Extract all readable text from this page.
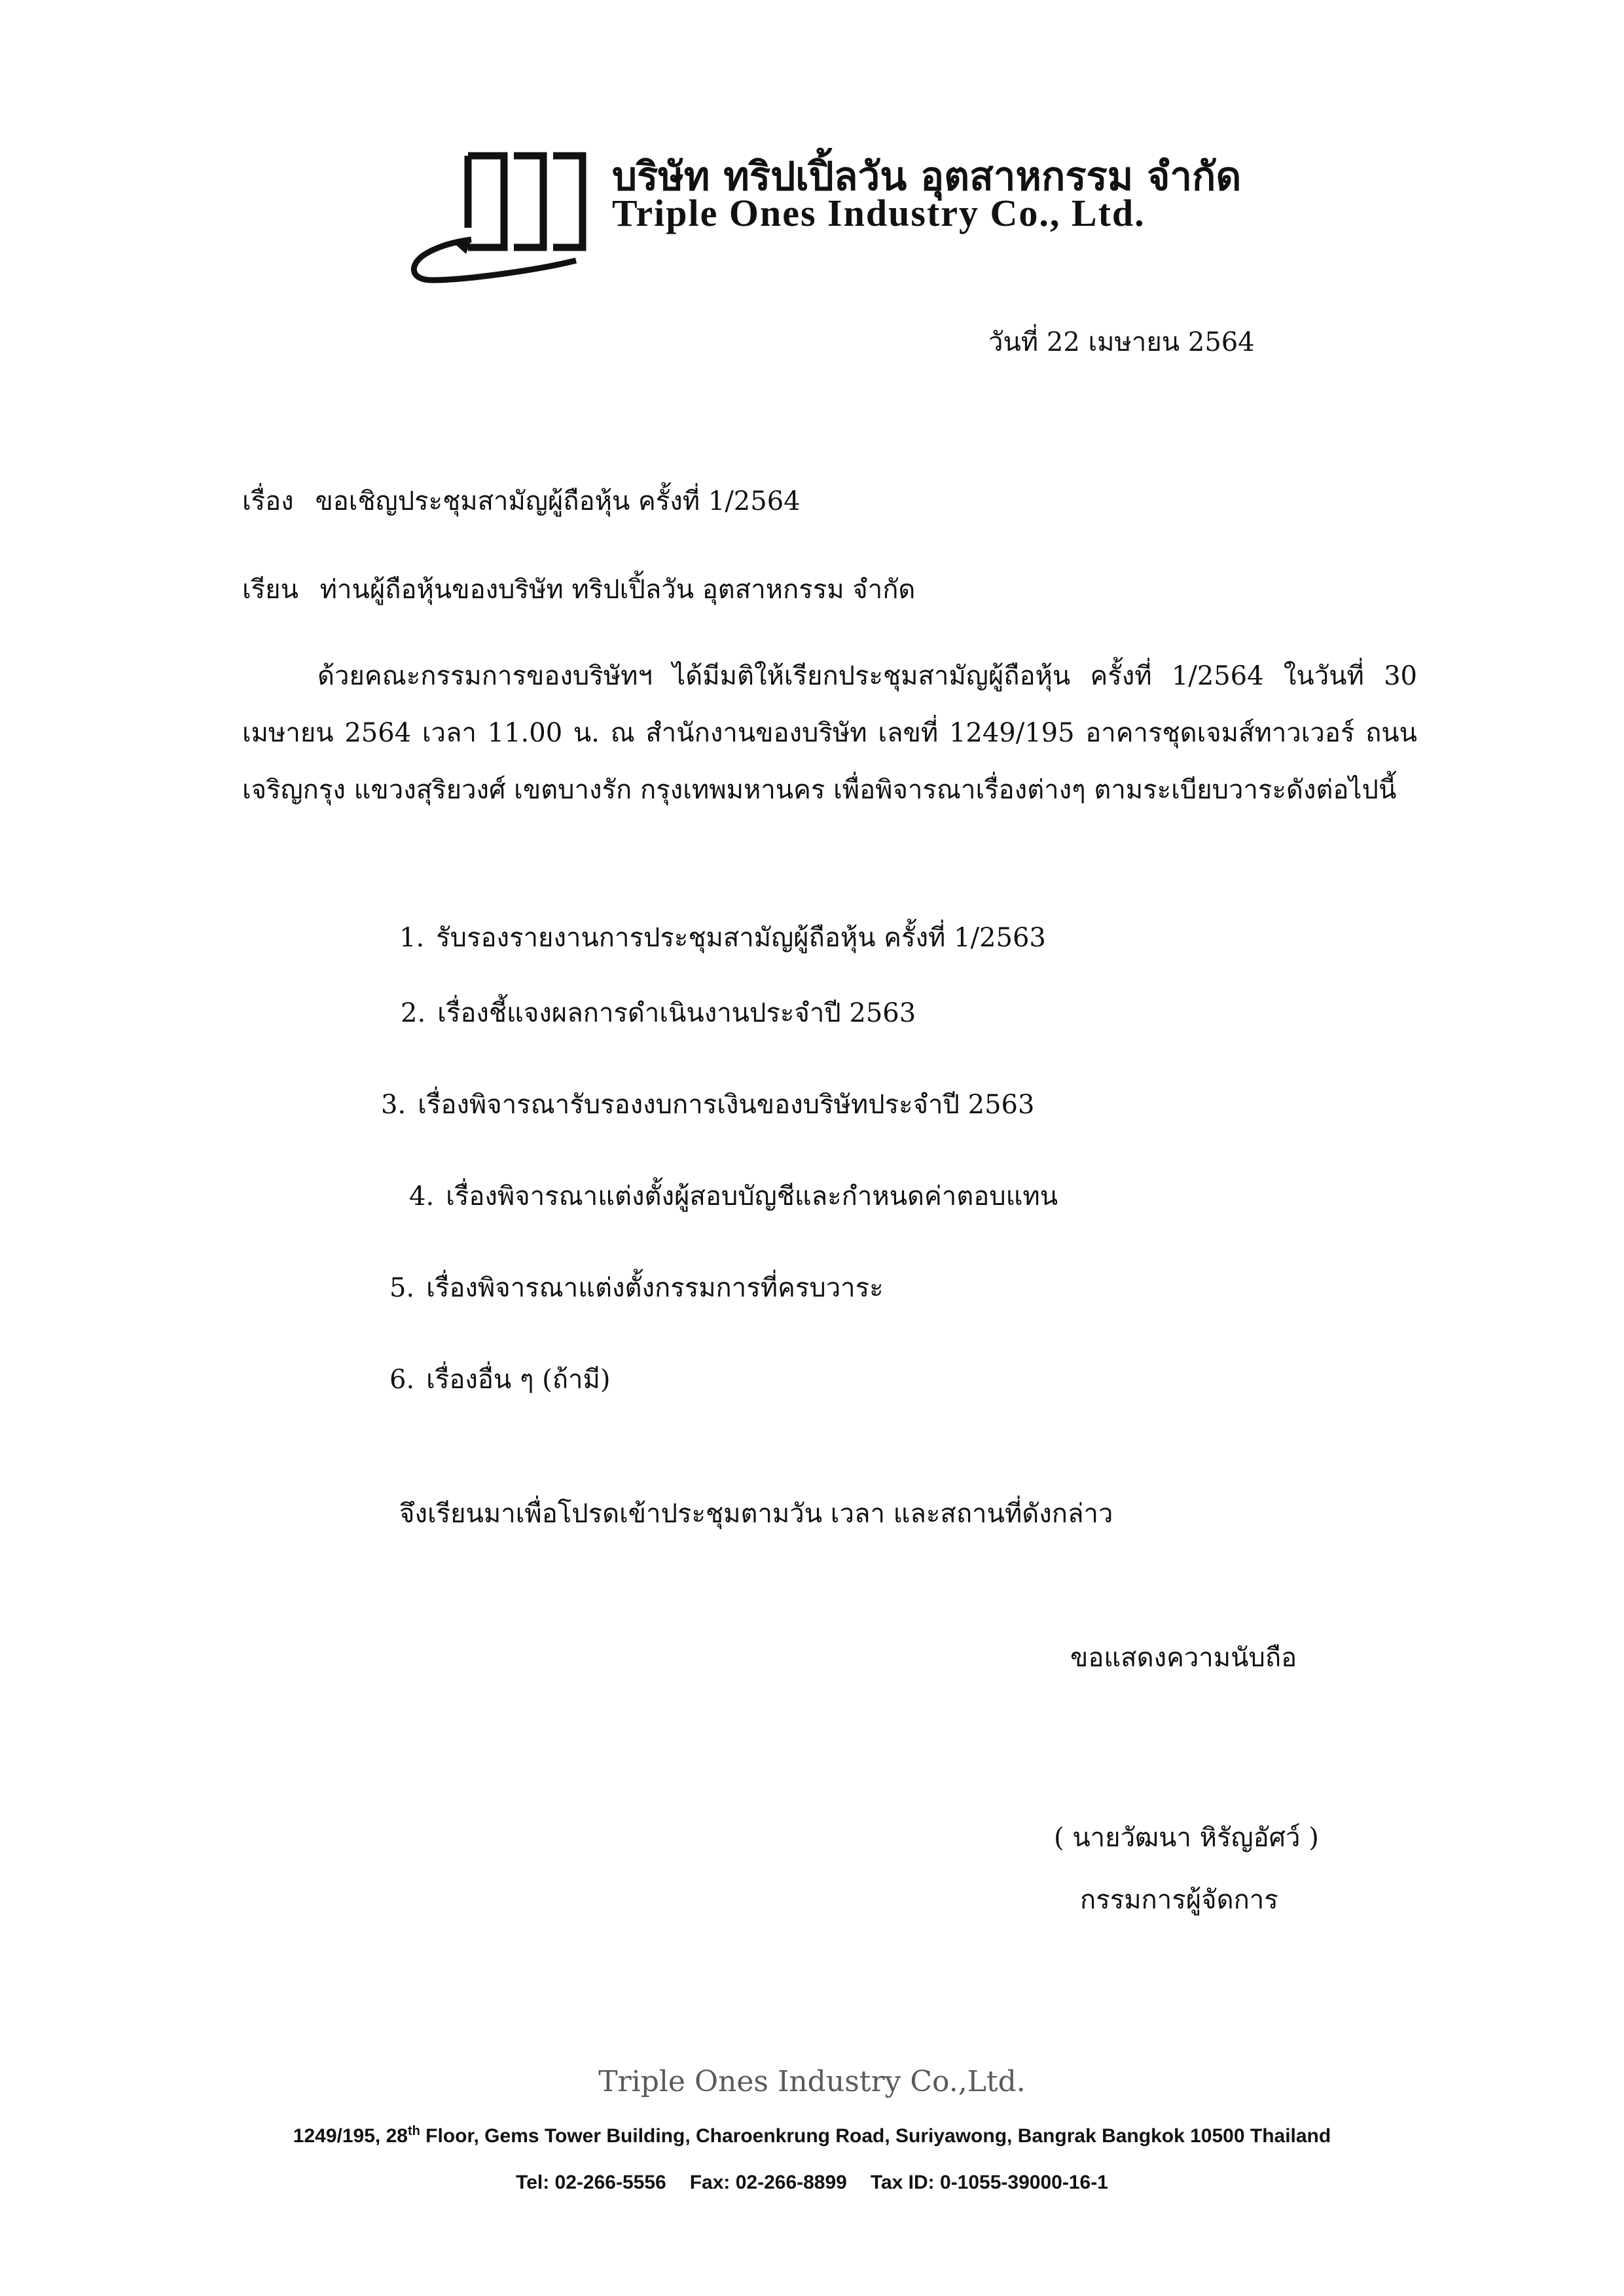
บริษัท ทริปเปิ้ลวัน อุตสาหกรรม จำกัด
Triple Ones Industry Co., Ltd.
วันที่ 22 เมษายน 2564
เรื่อง ขอเชิญประชุมสามัญผู้ถือหุ้น ครั้งที่ 1/2564
เรียน ท่านผู้ถือหุ้นของบริษัท ทริปเปิ้ลวัน อุตสาหกรรม จำกัด
ด้วยคณะกรรมการของบริษัทฯ ได้มีมติให้เรียกประชุมสามัญผู้ถือหุ้น ครั้งที่ 1/2564 ในวันที่ 30 เมษายน 2564 เวลา 11.00 น. ณ สำนักงานของบริษัท เลขที่ 1249/195 อาคารชุดเจมส์ทาวเวอร์ ถนนเจริญกรุง แขวงสุริยวงศ์ เขตบางรัก กรุงเทพมหานคร เพื่อพิจารณาเรื่องต่างๆ ตามระเบียบวาระดังต่อไปนี้
1. รับรองรายงานการประชุมสามัญผู้ถือหุ้น ครั้งที่ 1/2563
2. เรื่องชี้แจงผลการดำเนินงานประจำปี 2563
3. เรื่องพิจารณารับรองงบการเงินของบริษัทประจำปี 2563
4. เรื่องพิจารณาแต่งตั้งผู้สอบบัญชีและกำหนดค่าตอบแทน
5. เรื่องพิจารณาแต่งตั้งกรรมการที่ครบวาระ
6. เรื่องอื่น ๆ (ถ้ามี)
จึงเรียนมาเพื่อโปรดเข้าประชุมตามวัน เวลา และสถานที่ดังกล่าว
ขอแสดงความนับถือ
( นายวัฒนา หิรัญอัศว์ )
กรรมการผู้จัดการ
Triple Ones Industry Co.,Ltd.
1249/195, 28th Floor, Gems Tower Building, Charoenkrung Road, Suriyawong, Bangrak Bangkok 10500 Thailand
Tel: 02-266-5556 Fax: 02-266-8899 Tax ID: 0-1055-39000-16-1
